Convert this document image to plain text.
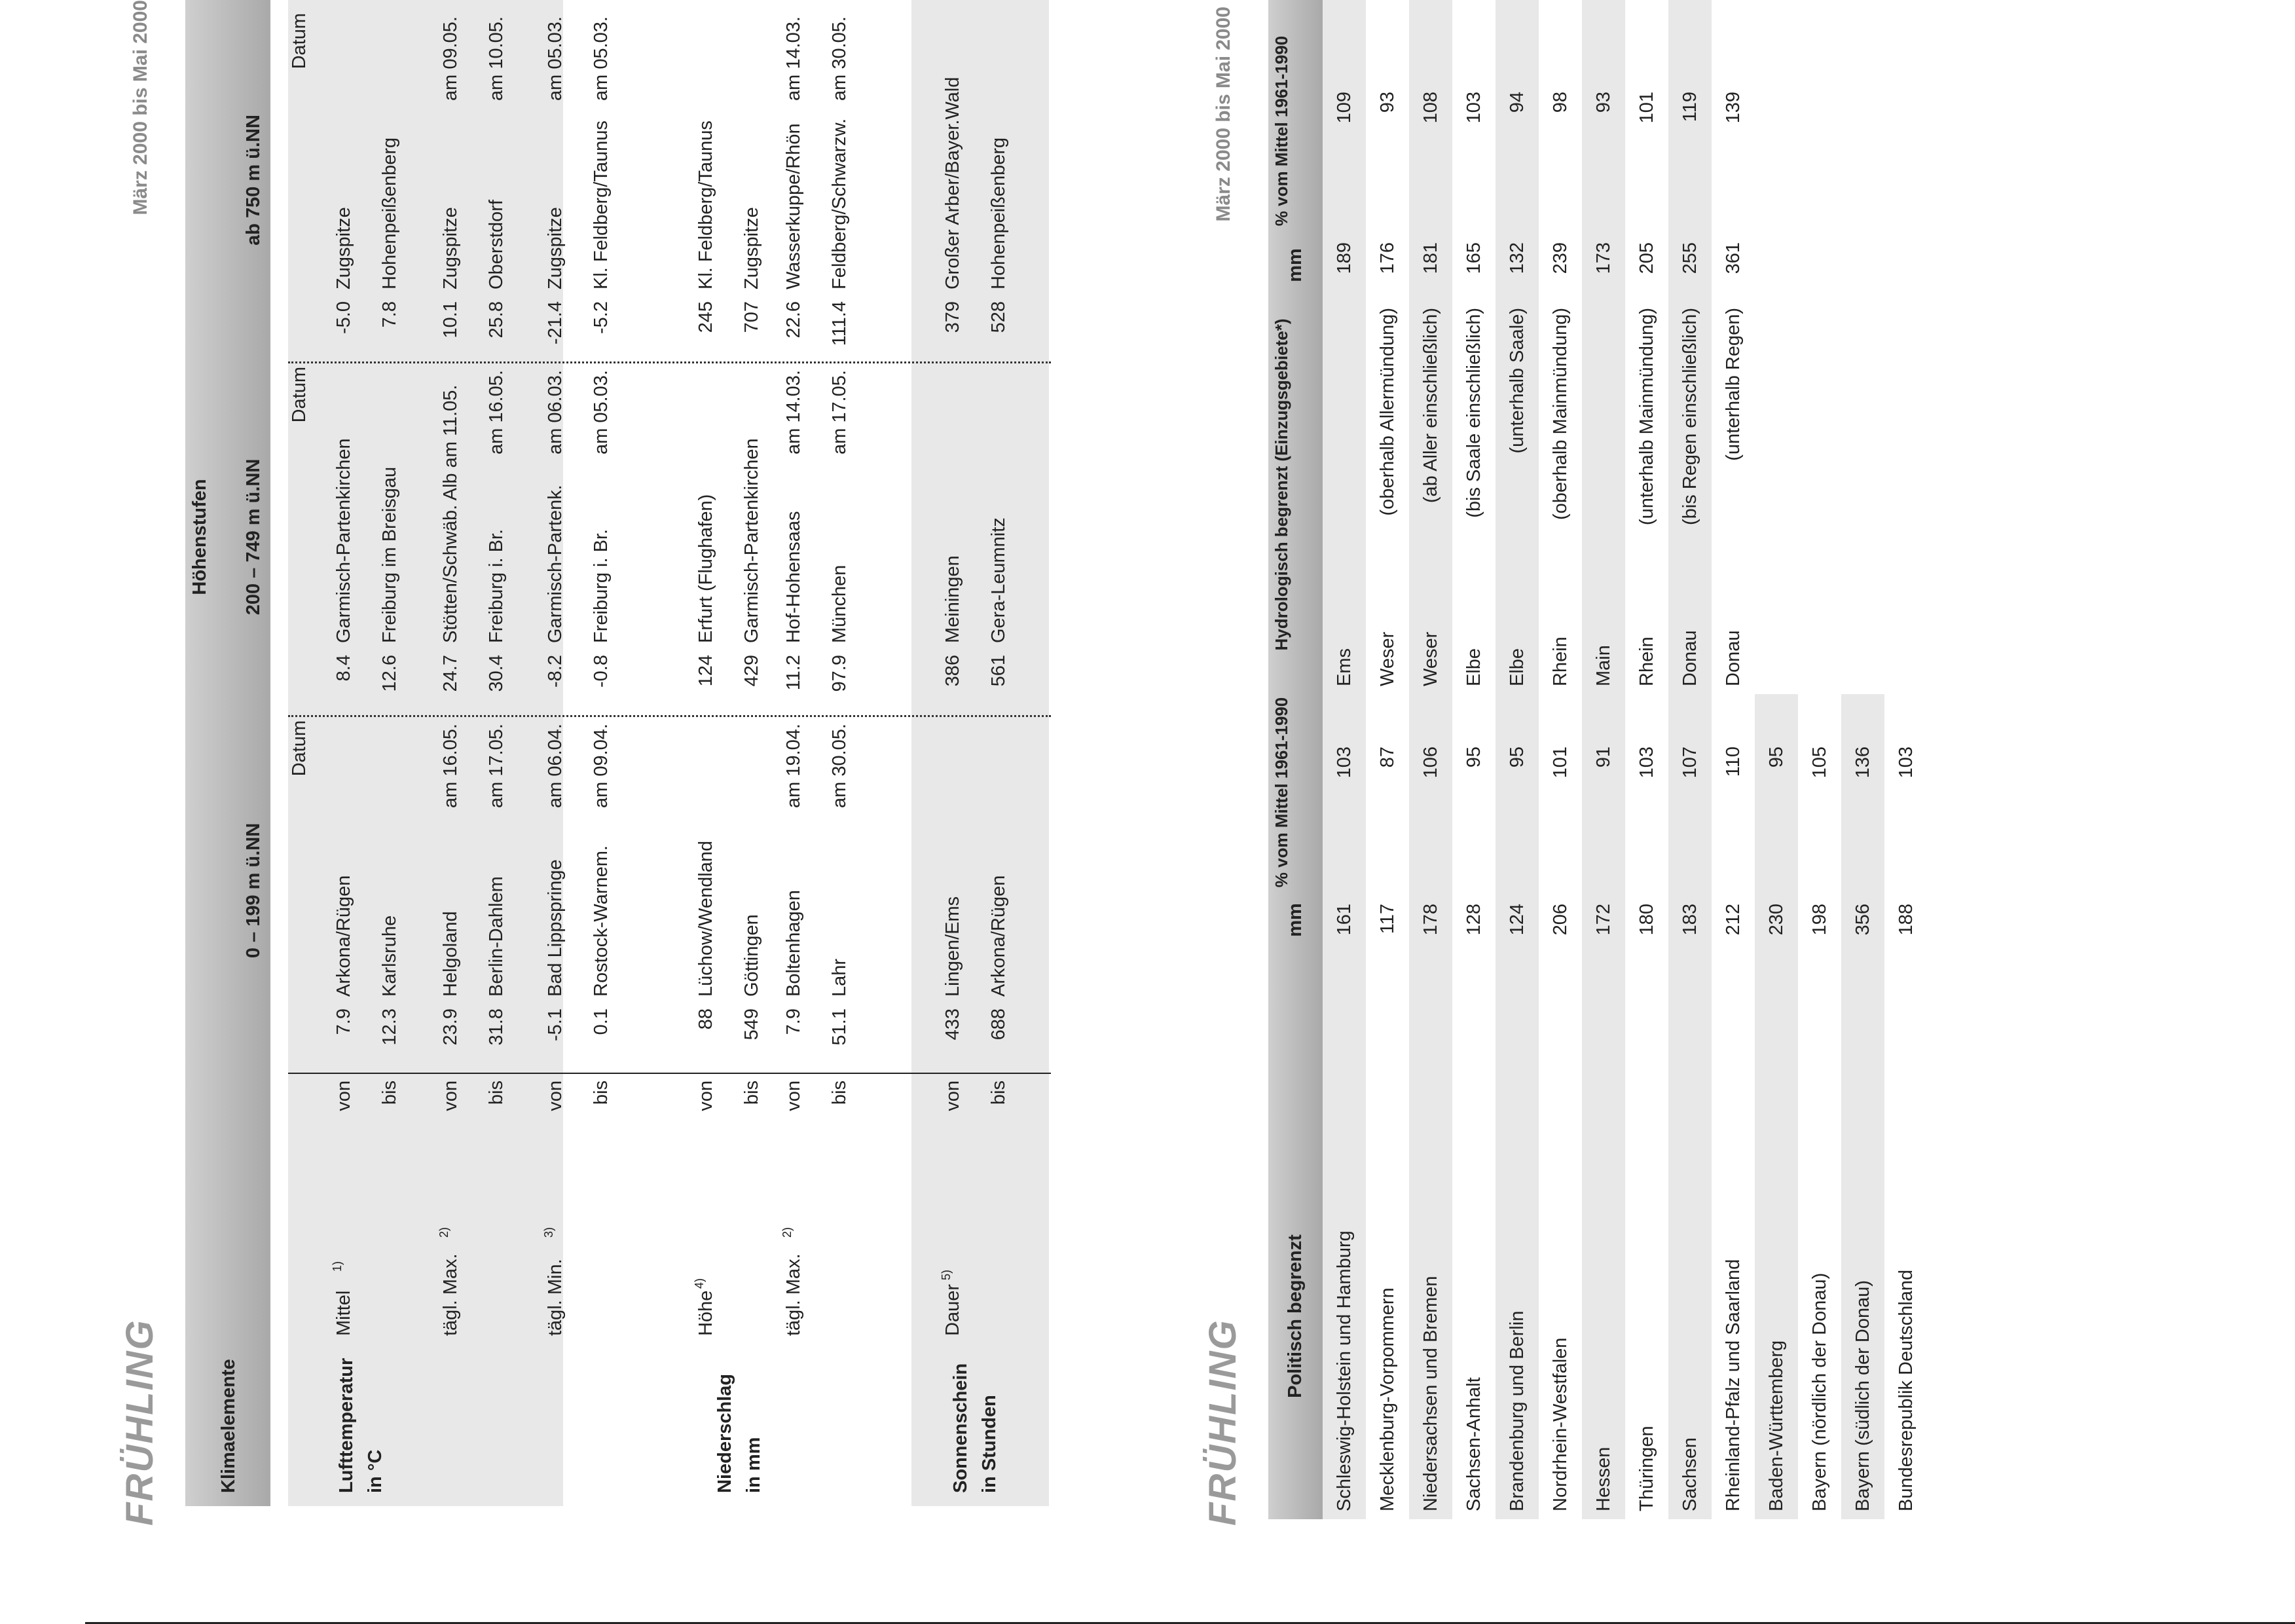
FRÜHLING
März 2000 bis Mai 2000
Klimaelemente
Höhenstufen
0 – 199 m ü.NN
200 – 749 m ü.NN
ab 750 m ü.NN
Datum
Datum
Datum
Lufttemperatur in °C	Niederschlag in mm	Sonnenschein in Stunden
Mittel
1)
von
7.9
Arkona/Rügen
8.4
Garmisch-Partenkirchen
-5.0
Zugspitze
bis
12.3
Karlsruhe
12.6
Freiburg im Breisgau
7.8
Hohenpeißenberg
tägl. Max.
2)
von
23.9
Helgoland
am 16.05.
24.7
Stötten/Schwäb. Alb am 11.05.
10.1
Zugspitze
am 09.05.
bis
31.8
Berlin-Dahlem
am 17.05.
30.4
Freiburg i. Br.
am 16.05.
25.8
Oberstdorf
am 10.05.
tägl. Min.
3)
von
-5.1
Bad Lippspringe
am 06.04.
-8.2
Garmisch-Partenk.
am 06.03.
-21.4
Zugspitze
am 05.03.
bis
0.1
Rostock-Warnem.
am 09.04.
-0.8
Freiburg i. Br.
am 05.03.
-5.2
Kl. Feldberg/Taunus
am 05.03.
Höhe
4)
von
88
Lüchow/Wendland
124
Erfurt (Flughafen)
245
Kl. Feldberg/Taunus
bis
549
Göttingen
429
Garmisch-Partenkirchen
707
Zugspitze
tägl. Max.
2)
von
7.9
Boltenhagen
am 19.04.
11.2
Hof-Hohensaas
am 14.03.
22.6
Wasserkuppe/Rhön
am 14.03.
bis
51.1
Lahr
am 30.05.
97.9
München
am 17.05.
111.4
Feldberg/Schwarzw.
am 30.05.
Dauer
5)
von
433
Lingen/Ems
386
Meiningen
379
Großer Arber/Bayer.Wald
bis
688
Arkona/Rügen
561
Gera-Leumnitz
528
Hohenpeißenberg
FRÜHLING
März 2000 bis Mai 2000
Politisch begrenzt
mm
% vom Mittel 1961-1990
Hydrologisch begrenzt (Einzugsgebiete*)
mm
% vom Mittel 1961-1990
Schleswig-Holstein und Hamburg
161
103
Mecklenburg-Vorpommern
117
87
Niedersachsen und Bremen
178
106
Sachsen-Anhalt
128
95
Brandenburg und Berlin
124
95
Nordrhein-Westfalen
206
101
Hessen
172
91
Thüringen
180
103
Sachsen
183
107
Rheinland-Pfalz und Saarland
212
110
Baden-Württemberg
230
95
Bayern (nördlich der Donau)
198
105
Bayern (südlich der Donau)
356
136
Bundesrepublik Deutschland
188
103
Ems
189
109
Weser
(oberhalb Allermündung)
176
93
Weser
(ab Aller einschließlich)
181
108
Elbe
(bis Saale einschließlich)
165
103
Elbe
(unterhalb Saale)
132
94
Rhein
(oberhalb Mainmündung)
239
98
Main
173
93
Rhein
(unterhalb Mainmündung)
205
101
Donau
(bis Regen einschließlich)
255
119
Donau
(unterhalb Regen)
361
139
